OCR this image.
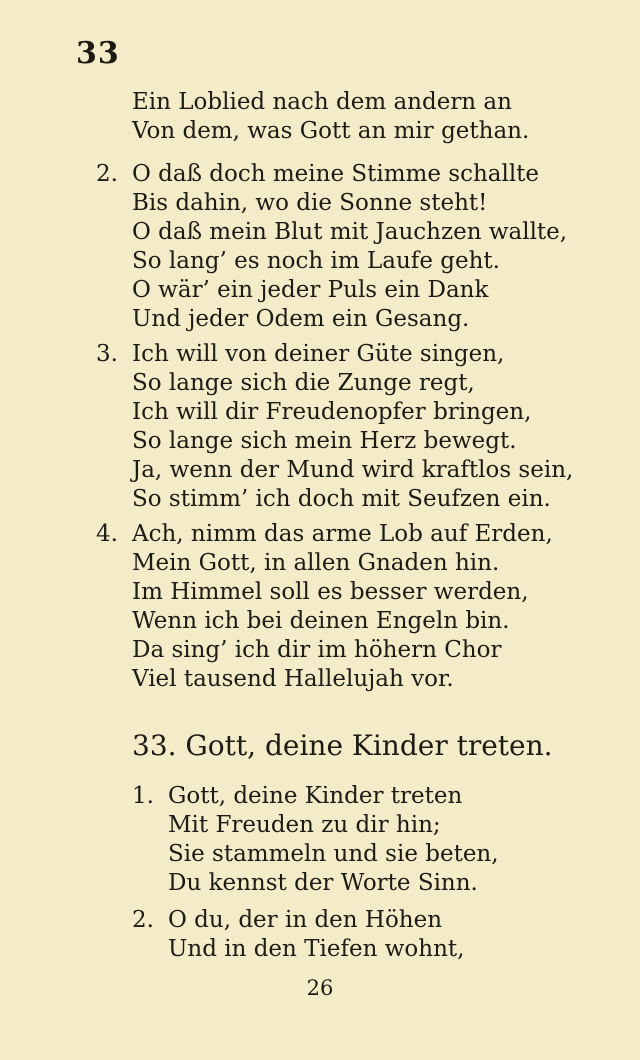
33
Ein Loblied nach dem andern an
Von dem, was Gott an mir gethan.
2. O daß doch meine Stimme schallte
Bis dahin, wo die Sonne steht!
O daß mein Blut mit Jauchzen wallte,
So lang’ es noch im Laufe geht.
O wär’ ein jeder Puls ein Dank
Und jeder Odem ein Gesang.
3. Ich will von deiner Güte singen,
So lange sich die Zunge regt,
Ich will dir Freudenopfer bringen,
So lange sich mein Herz bewegt.
Ja, wenn der Mund wird kraftlos sein,
So stimm’ ich doch mit Seufzen ein.
4. Ach, nimm das arme Lob auf Erden,
Mein Gott, in allen Gnaden hin.
Im Himmel soll es besser werden,
Wenn ich bei deinen Engeln bin.
Da sing’ ich dir im höhern Chor
Viel tausend Hallelujah vor.
33. Gott, deine Kinder treten.
1. Gott, deine Kinder treten
Mit Freuden zu dir hin;
Sie stammeln und sie beten,
Du kennst der Worte Sinn.
2. O du, der in den Höhen
Und in den Tiefen wohnt,
26
